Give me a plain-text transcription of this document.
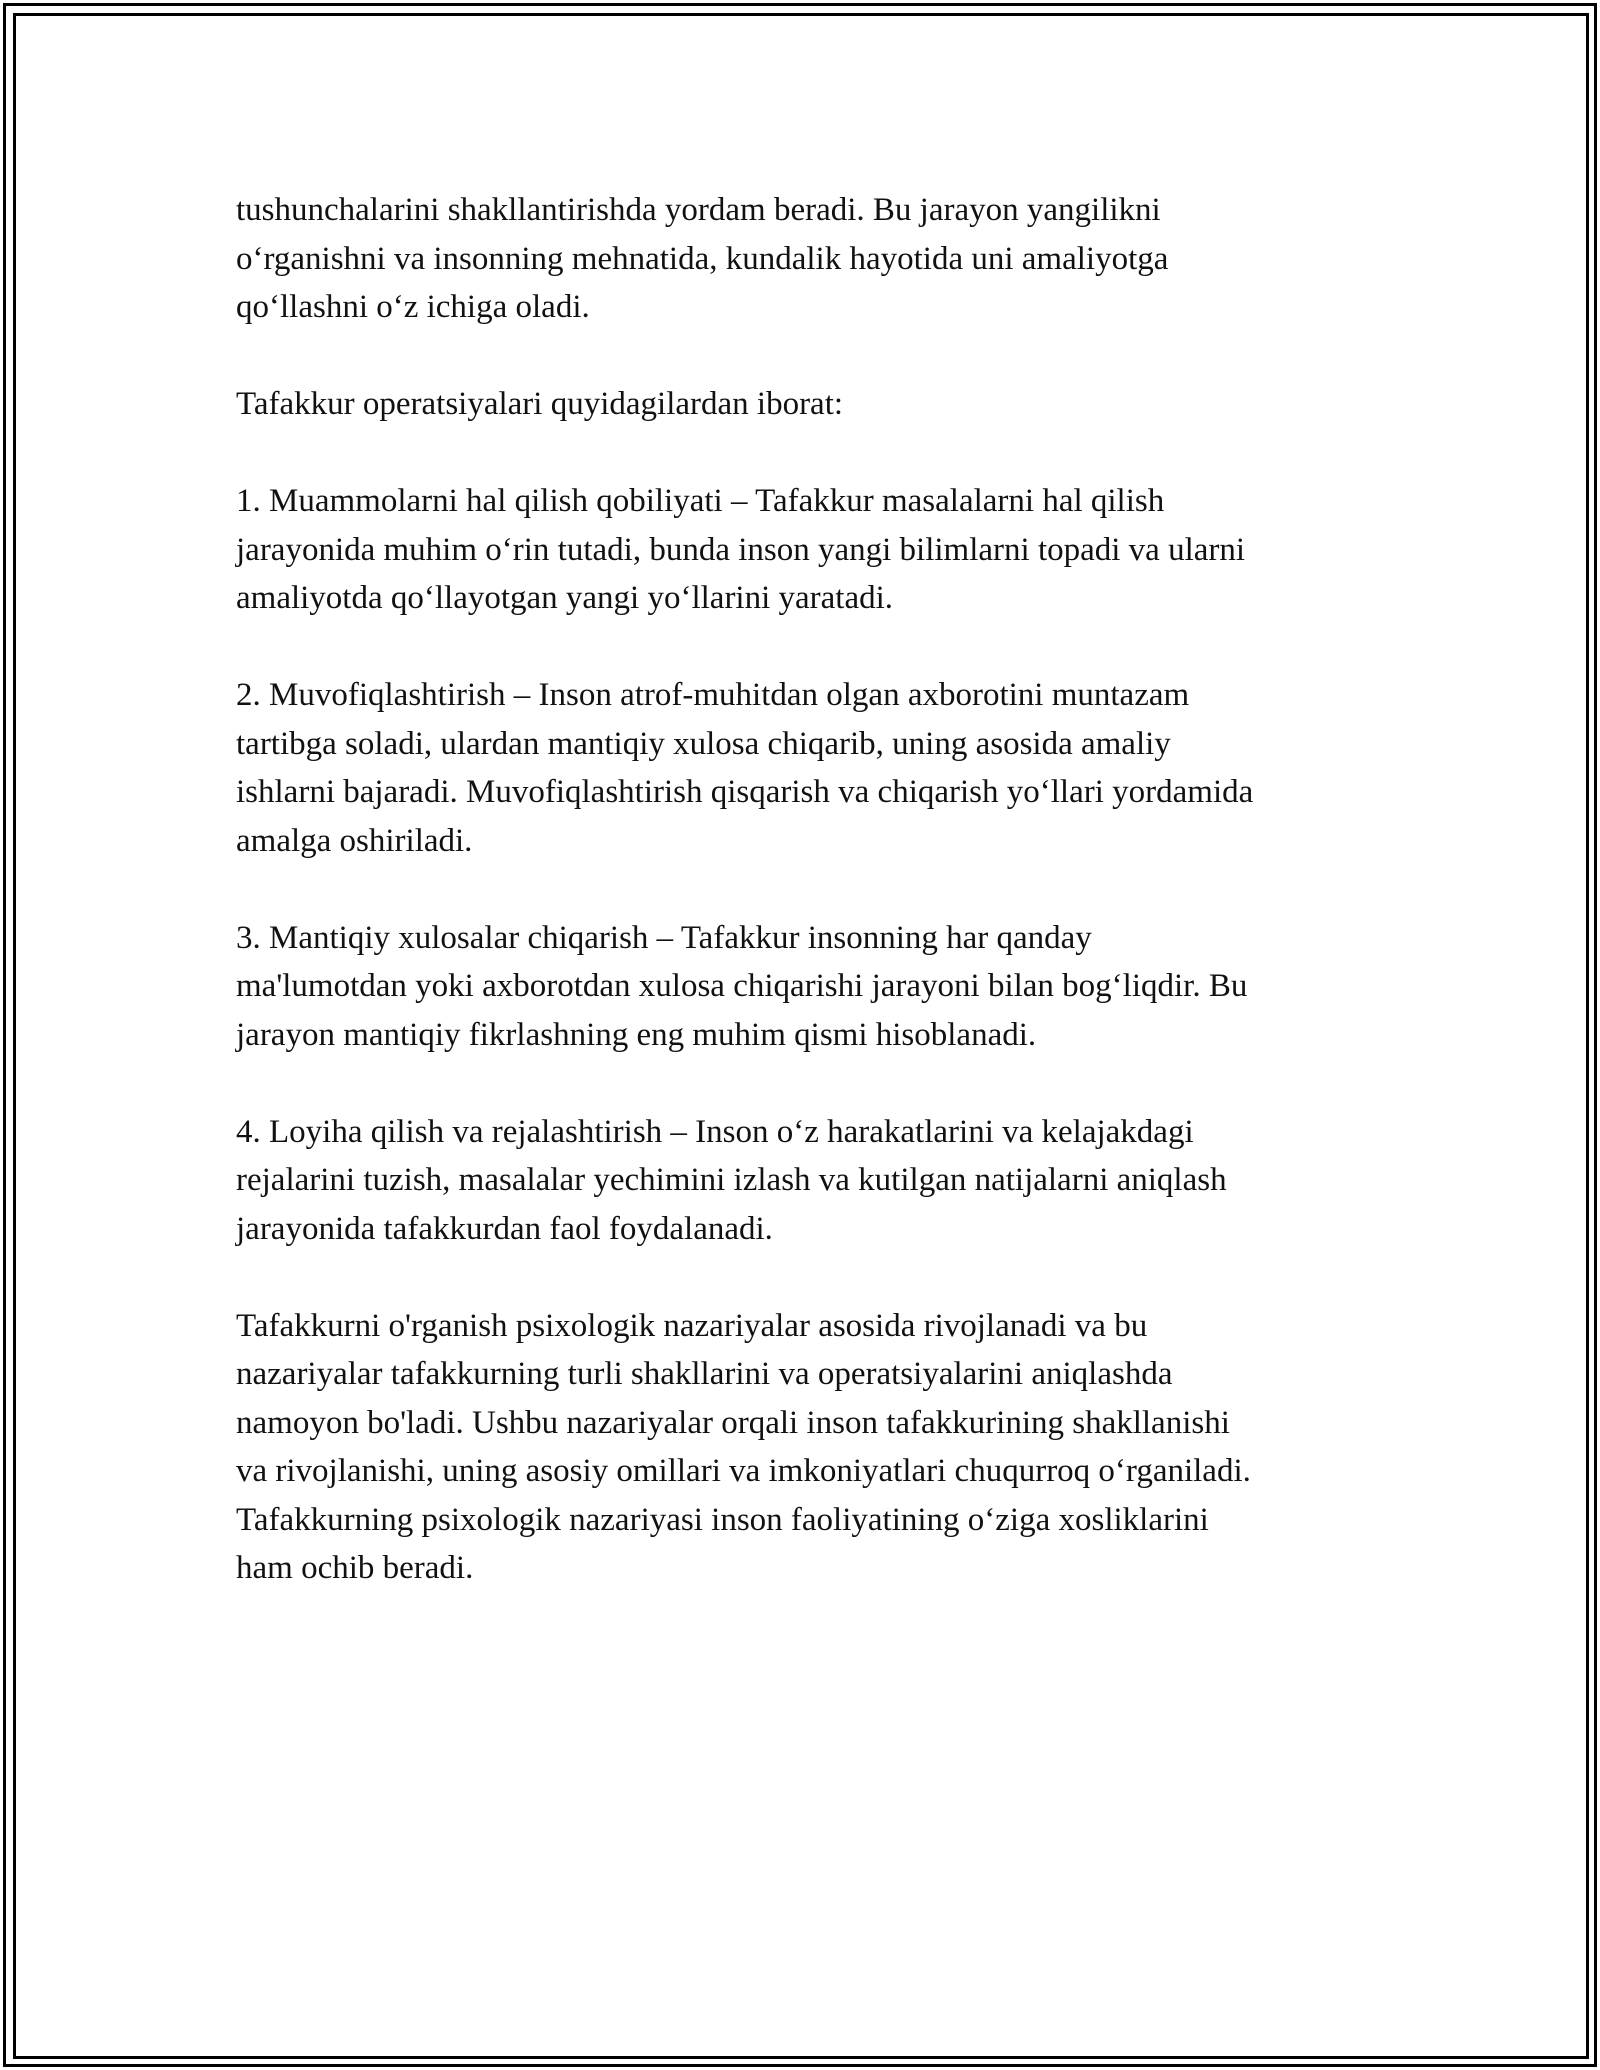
tushunchalarini shakllantirishda yordam beradi. Bu jarayon yangilikni
o‘rganishni va insonning mehnatida, kundalik hayotida uni amaliyotga
qo‘llashni o‘z ichiga oladi.

Tafakkur operatsiyalari quyidagilardan iborat:

1. Muammolarni hal qilish qobiliyati – Tafakkur masalalarni hal qilish
jarayonida muhim o‘rin tutadi, bunda inson yangi bilimlarni topadi va ularni
amaliyotda qo‘llayotgan yangi yo‘llarini yaratadi.

2. Muvofiqlashtirish – Inson atrof-muhitdan olgan axborotini muntazam
tartibga soladi, ulardan mantiqiy xulosa chiqarib, uning asosida amaliy
ishlarni bajaradi. Muvofiqlashtirish qisqarish va chiqarish yo‘llari yordamida
amalga oshiriladi.

3. Mantiqiy xulosalar chiqarish – Tafakkur insonning har qanday
ma'lumotdan yoki axborotdan xulosa chiqarishi jarayoni bilan bog‘liqdir. Bu
jarayon mantiqiy fikrlashning eng muhim qismi hisoblanadi.

4. Loyiha qilish va rejalashtirish – Inson o‘z harakatlarini va kelajakdagi
rejalarini tuzish, masalalar yechimini izlash va kutilgan natijalarni aniqlash
jarayonida tafakkurdan faol foydalanadi.

Tafakkurni o'rganish psixologik nazariyalar asosida rivojlanadi va bu
nazariyalar tafakkurning turli shakllarini va operatsiyalarini aniqlashda
namoyon bo'ladi. Ushbu nazariyalar orqali inson tafakkurining shakllanishi
va rivojlanishi, uning asosiy omillari va imkoniyatlari chuqurroq o‘rganiladi.
Tafakkurning psixologik nazariyasi inson faoliyatining o‘ziga xosliklarini
ham ochib beradi.
